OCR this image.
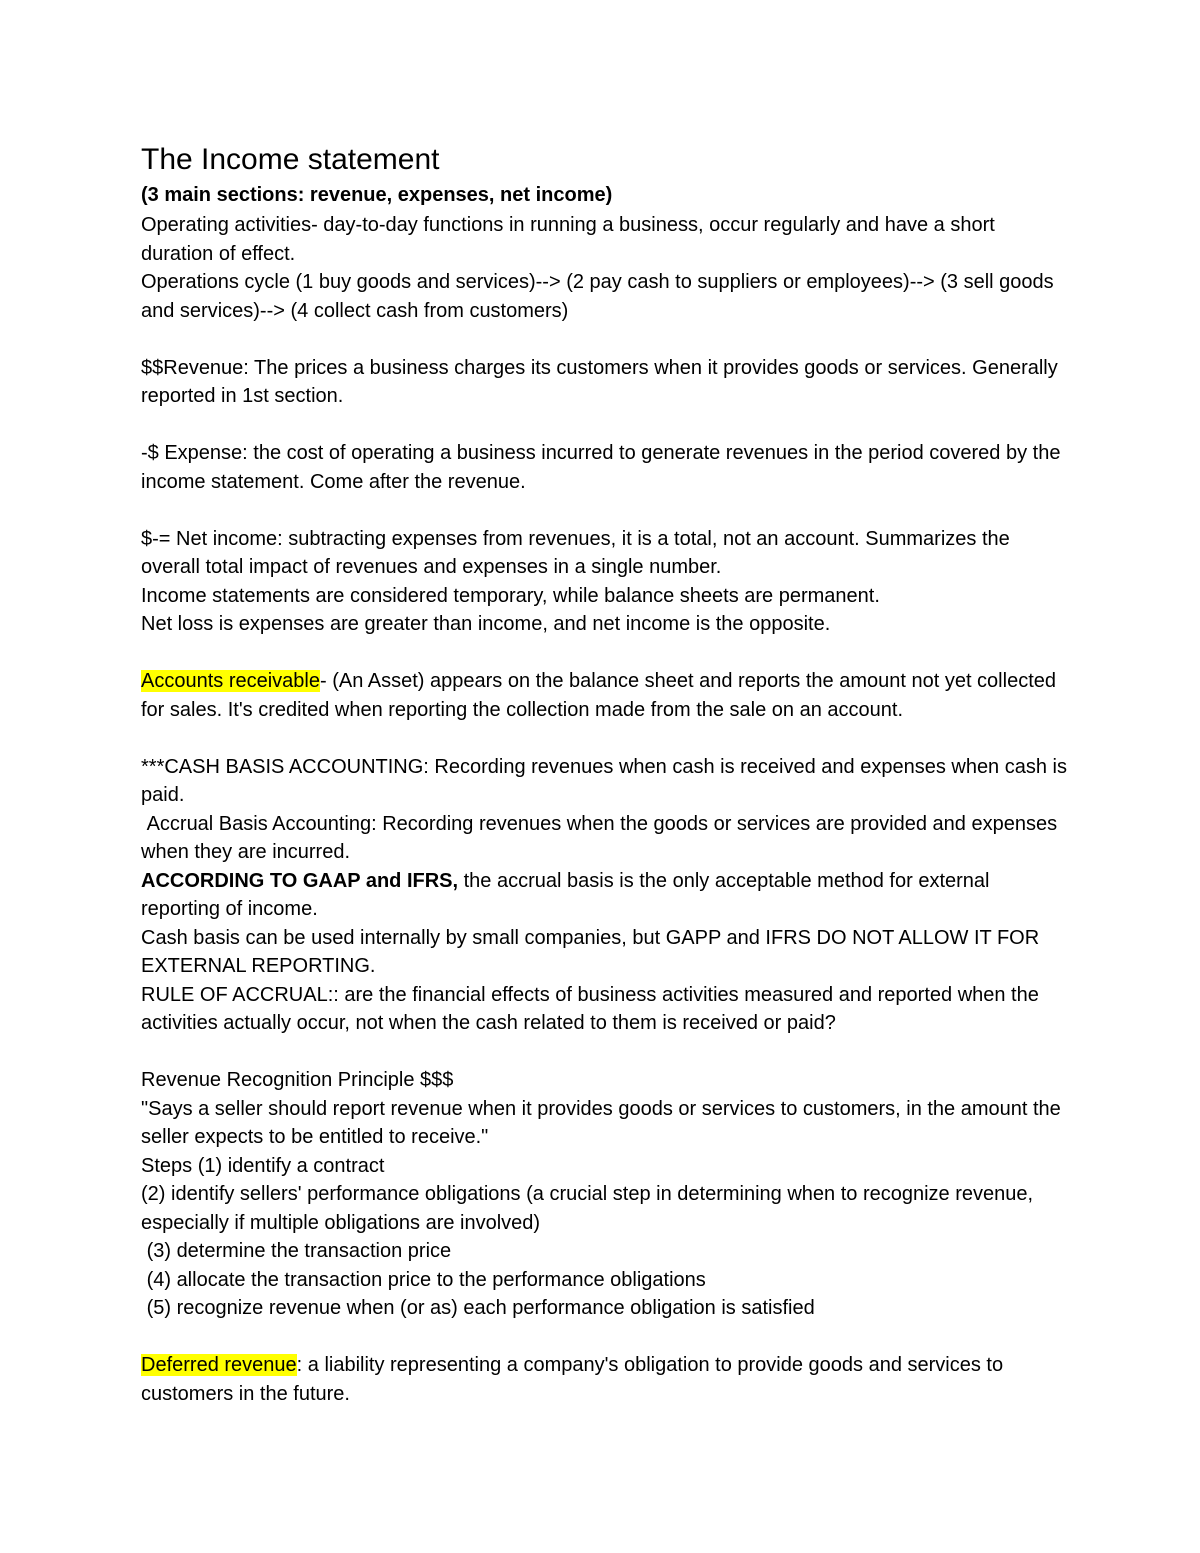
The Income statement
(3 main sections: revenue, expenses, net income)

Operating activities- day-to-day functions in running a business, occur regularly and have a short duration of effect.

Operations cycle (1 buy goods and services)--> (2 pay cash to suppliers or employees)--> (3 sell goods and services)--> (4 collect cash from customers)

$$Revenue: The prices a business charges its customers when it provides goods or services. Generally reported in 1st section.

-$ Expense: the cost of operating a business incurred to generate revenues in the period covered by the income statement. Come after the revenue.

$-= Net income: subtracting expenses from revenues, it is a total, not an account. Summarizes the overall total impact of revenues and expenses in a single number.

Income statements are considered temporary, while balance sheets are permanent.

Net loss is expenses are greater than income, and net income is the opposite.

Accounts receivable- (An Asset) appears on the balance sheet and reports the amount not yet collected for sales. It's credited when reporting the collection made from the sale on an account.

***CASH BASIS ACCOUNTING: Recording revenues when cash is received and expenses when cash is paid.

Accrual Basis Accounting: Recording revenues when the goods or services are provided and expenses when they are incurred.

ACCORDING TO GAAP and IFRS, the accrual basis is the only acceptable method for external reporting of income.

Cash basis can be used internally by small companies, but GAPP and IFRS DO NOT ALLOW IT FOR EXTERNAL REPORTING.

RULE OF ACCRUAL:: are the financial effects of business activities measured and reported when the activities actually occur, not when the cash related to them is received or paid?

Revenue Recognition Principle $$$

"Says a seller should report revenue when it provides goods or services to customers, in the amount the seller expects to be entitled to receive."

Steps (1) identify a contract

(2) identify sellers' performance obligations (a crucial step in determining when to recognize revenue, especially if multiple obligations are involved)

(3) determine the transaction price

(4) allocate the transaction price to the performance obligations

(5) recognize revenue when (or as) each performance obligation is satisfied

Deferred revenue: a liability representing a company's obligation to provide goods and services to customers in the future.
